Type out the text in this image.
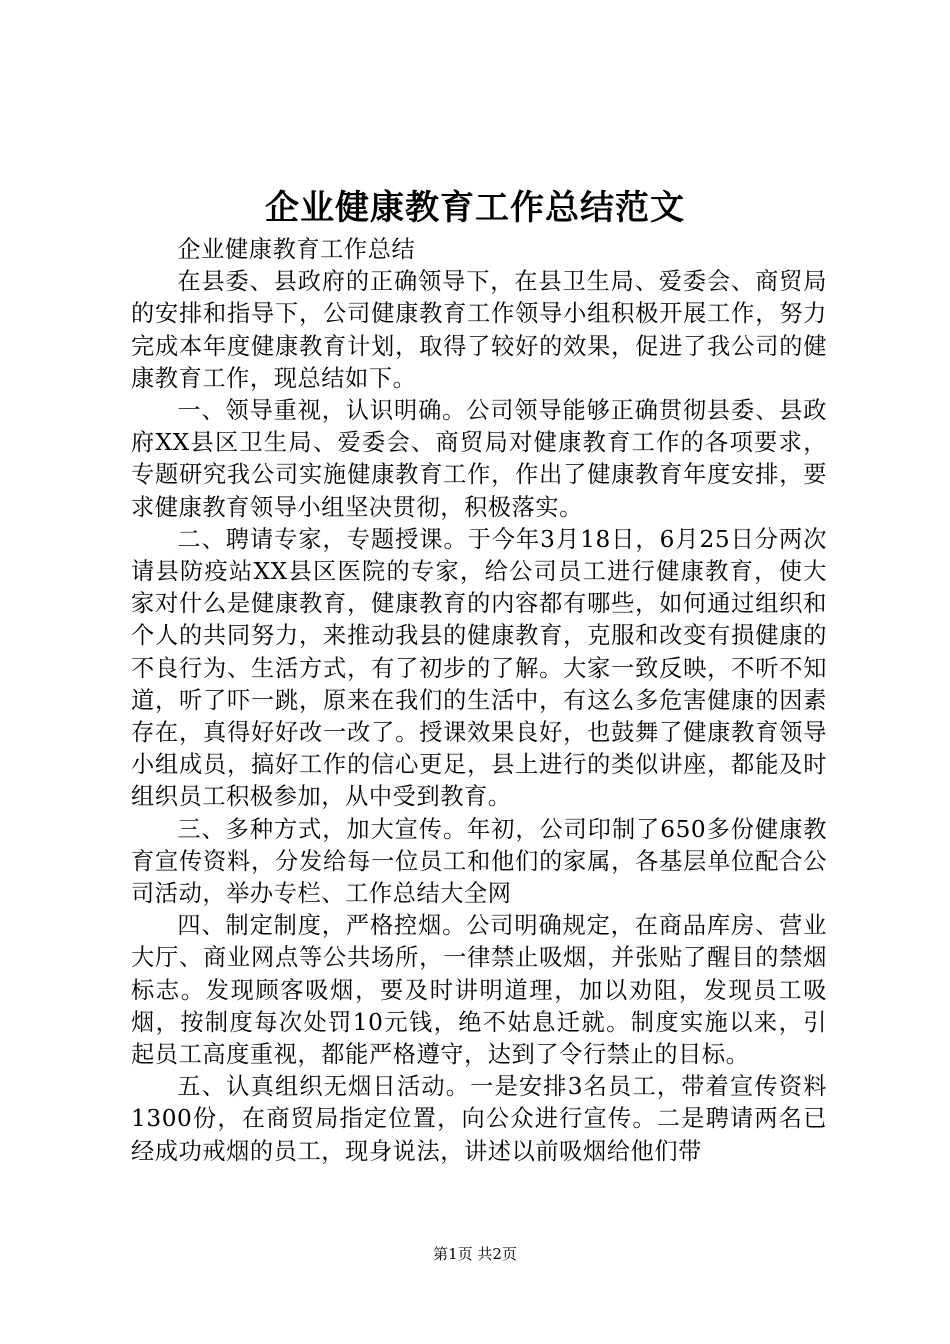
企业健康教育工作总结范文

企业健康教育工作总结

在县委、县政府的正确领导下，在县卫生局、爱委会、商贸局的安排和指导下，公司健康教育工作领导小组积极开展工作，努力完成本年度健康教育计划，取得了较好的效果，促进了我公司的健康教育工作，现总结如下。

一、领导重视，认识明确。公司领导能够正确贯彻县委、县政府XX县区卫生局、爱委会、商贸局对健康教育工作的各项要求，专题研究我公司实施健康教育工作，作出了健康教育年度安排，要求健康教育领导小组坚决贯彻，积极落实。

二、聘请专家，专题授课。于今年3月18日，6月25日分两次请县防疫站XX县区医院的专家，给公司员工进行健康教育，使大家对什么是健康教育，健康教育的内容都有哪些，如何通过组织和个人的共同努力，来推动我县的健康教育，克服和改变有损健康的不良行为、生活方式，有了初步的了解。大家一致反映，不听不知道，听了吓一跳，原来在我们的生活中，有这么多危害健康的因素存在，真得好好改一改了。授课效果良好，也鼓舞了健康教育领导小组成员，搞好工作的信心更足，县上进行的类似讲座，都能及时组织员工积极参加，从中受到教育。

三、多种方式，加大宣传。年初，公司印制了650多份健康教育宣传资料，分发给每一位员工和他们的家属，各基层单位配合公司活动，举办专栏、工作总结大全网

四、制定制度，严格控烟。公司明确规定，在商品库房、营业大厅、商业网点等公共场所，一律禁止吸烟，并张贴了醒目的禁烟标志。发现顾客吸烟，要及时讲明道理，加以劝阻，发现员工吸烟，按制度每次处罚10元钱，绝不姑息迁就。制度实施以来，引起员工高度重视，都能严格遵守，达到了令行禁止的目标。

五、认真组织无烟日活动。一是安排3名员工，带着宣传资料1300份，在商贸局指定位置，向公众进行宣传。二是聘请两名已经成功戒烟的员工，现身说法，讲述以前吸烟给他们带

第1页 共2页
